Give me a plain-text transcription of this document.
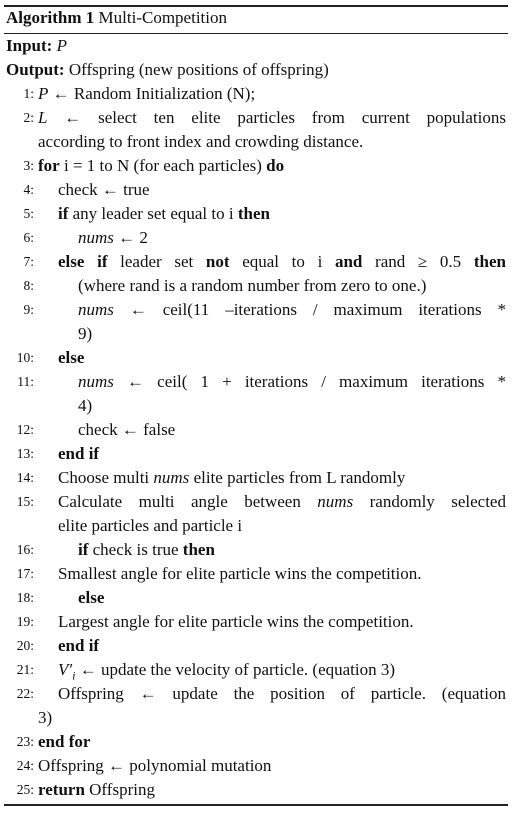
Algorithm 1 Multi-Competition
Input: P
Output: Offspring (new positions of offspring)
1: P ← Random Initialization (N);
2: L ← select ten elite particles from current populations
according to front index and crowding distance.
3: for i = 1 to N (for each particles) do
4: check ← true
5: if any leader set equal to i then
6:	nums ← 2
7: else if leader set not equal to i and rand ≥ 0.5 then
8:	(where rand is a random number from zero to one.)
9:	nums ← ceil(11 –iterations / maximum iterations *
9)
10: else
11:	nums ← ceil( 1 + iterations / maximum iterations *
4)
12:	check ← false
13: end if
14: Choose multi nums elite particles from L randomly
15: Calculate multi angle between nums randomly selected
elite particles and particle i
16:	if check is true then
17: Smallest angle for elite particle wins the competition.
18:	else
19: Largest angle for elite particle wins the competition.
20: end if
21: $V'_i$ ← update the velocity of particle. (equation 3)
22: Offspring ← update the position of particle. (equation
3)
23: end for
24: Offspring ← polynomial mutation
25: return Offspring
